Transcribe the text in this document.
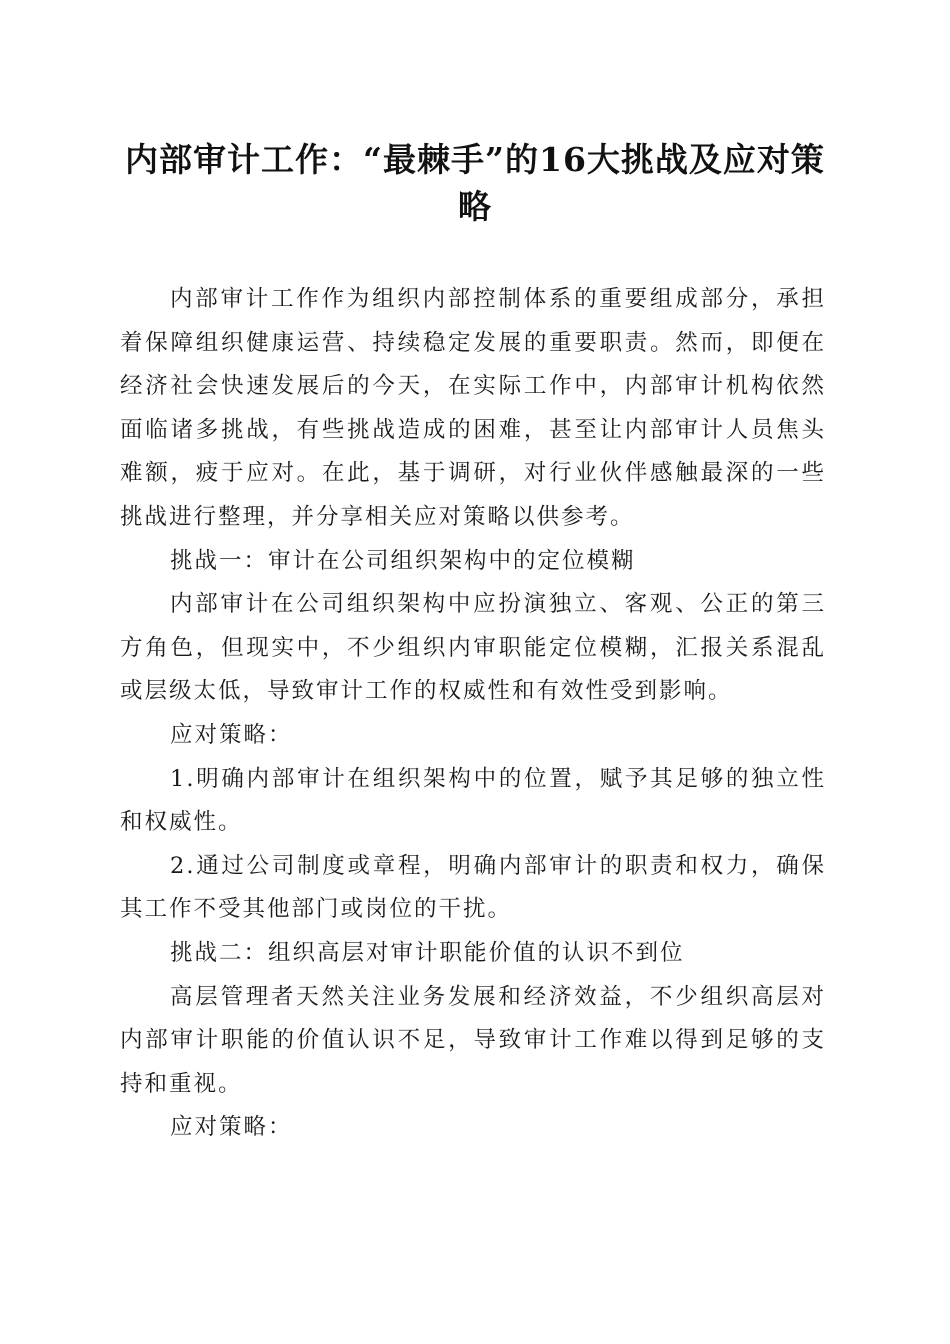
内部审计工作：“最棘手”的16大挑战及应对策略

内部审计工作作为组织内部控制体系的重要组成部分，承担着保障组织健康运营、持续稳定发展的重要职责。然而，即便在经济社会快速发展后的今天，在实际工作中，内部审计机构依然面临诸多挑战，有些挑战造成的困难，甚至让内部审计人员焦头难额，疲于应对。在此，基于调研，对行业伙伴感触最深的一些挑战进行整理，并分享相关应对策略以供参考。

挑战一：审计在公司组织架构中的定位模糊

内部审计在公司组织架构中应扮演独立、客观、公正的第三方角色，但现实中，不少组织内审职能定位模糊，汇报关系混乱或层级太低，导致审计工作的权威性和有效性受到影响。

应对策略：

1.明确内部审计在组织架构中的位置，赋予其足够的独立性和权威性。

2.通过公司制度或章程，明确内部审计的职责和权力，确保其工作不受其他部门或岗位的干扰。

挑战二：组织高层对审计职能价值的认识不到位

高层管理者天然关注业务发展和经济效益，不少组织高层对内部审计职能的价值认识不足，导致审计工作难以得到足够的支持和重视。

应对策略：
